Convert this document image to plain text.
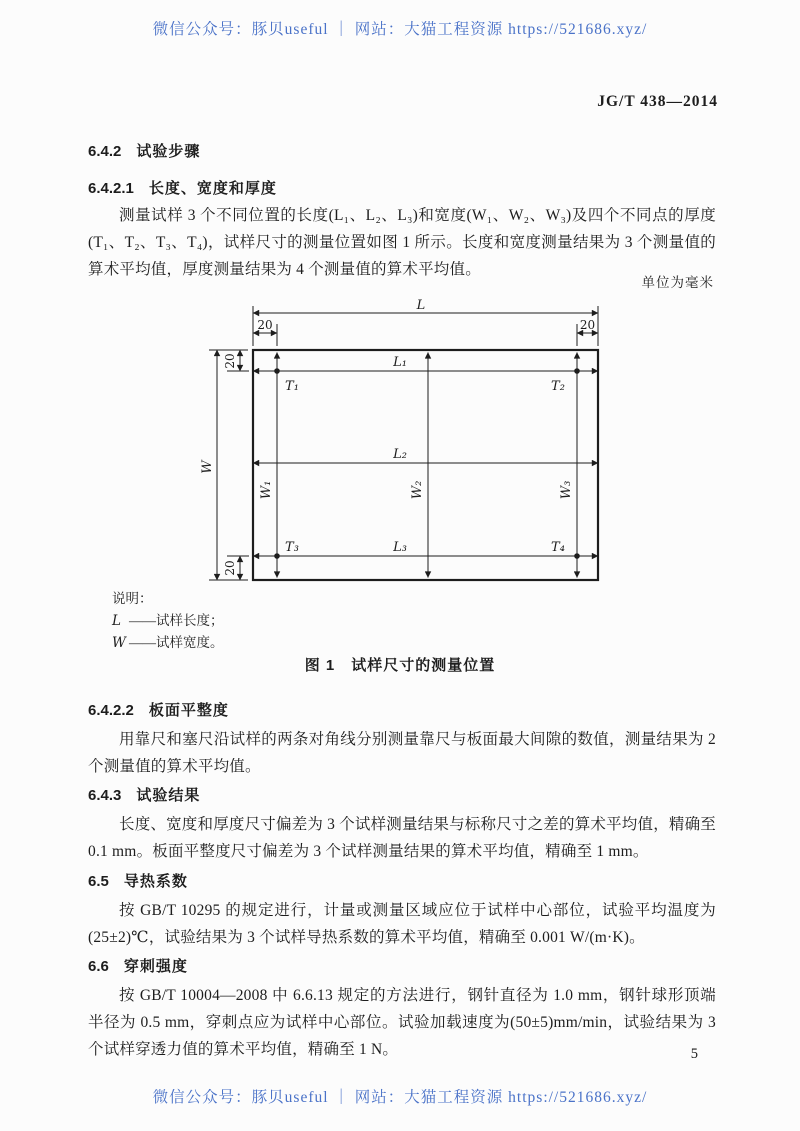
微信公众号：豚贝useful ｜ 网站：大猫工程资源 https://521686.xyz/
JG/T 438—2014
6.4.2 试验步骤
6.4.2.1 长度、宽度和厚度

测量试样 3 个不同位置的长度(L₁、L₂、L₃)和宽度(W₁、W₂、W₃)及四个不同点的厚度(T₁、T₂、T₃、T₄)，试样尺寸的测量位置如图 1 所示。长度和宽度测量结果为 3 个测量值的算术平均值，厚度测量结果为 4 个测量值的算术平均值。

单位为毫米
L
20	20
W
20
20
L₁
L₂
L₃
W₁	W₂	W₃
T₁	T₂
T₃	T₄
说明：
L ——试样长度；
W ——试样宽度。
图 1 试样尺寸的测量位置
6.4.2.2 板面平整度

用靠尺和塞尺沿试样的两条对角线分别测量靠尺与板面最大间隙的数值，测量结果为 2 个测量值的算术平均值。

6.4.3 试验结果

长度、宽度和厚度尺寸偏差为 3 个试样测量结果与标称尺寸之差的算术平均值，精确至 0.1 mm。板面平整度尺寸偏差为 3 个试样测量结果的算术平均值，精确至 1 mm。

6.5 导热系数

按 GB/T 10295 的规定进行，计量或测量区域应位于试样中心部位，试验平均温度为(25±2)℃，试验结果为 3 个试样导热系数的算术平均值，精确至 0.001 W/(m·K)。

6.6 穿刺强度

按 GB/T 10004—2008 中 6.6.13 规定的方法进行，钢针直径为 1.0 mm，钢针球形顶端半径为 0.5 mm，穿刺点应为试样中心部位。试验加载速度为(50±5)mm/min，试验结果为 3 个试样穿透力值的算术平均值，精确至 1 N。	5
微信公众号：豚贝useful ｜ 网站：大猫工程资源 https://521686.xyz/
